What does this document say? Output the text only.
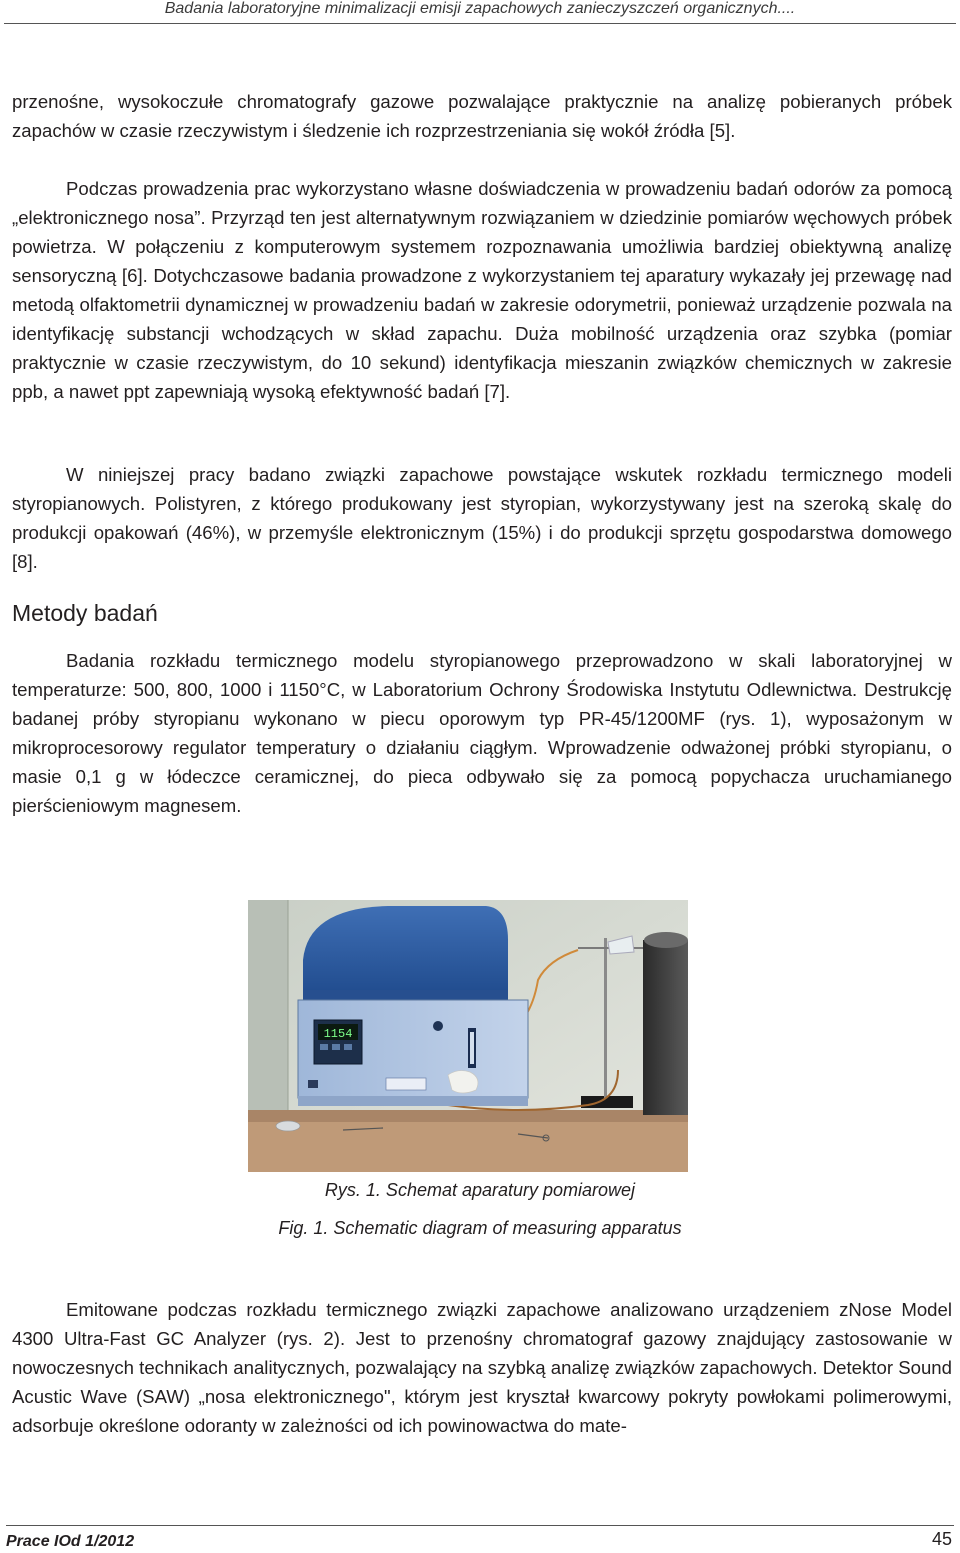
Badania laboratoryjne minimalizacji emisji zapachowych zanieczyszczeń organicznych....

przenośne, wysokoczułe chromatografy gazowe pozwalające praktycznie na analizę pobieranych próbek zapachów w czasie rzeczywistym i śledzenie ich rozprzestrzeniania się wokół źródła [5].

Podczas prowadzenia prac wykorzystano własne doświadczenia w prowadzeniu badań odorów za pomocą „elektronicznego nosa”. Przyrząd ten jest alternatywnym rozwiązaniem w dziedzinie pomiarów węchowych próbek powietrza. W połączeniu z komputerowym systemem rozpoznawania umożliwia bardziej obiektywną analizę sensoryczną [6]. Dotychczasowe badania prowadzone z wykorzystaniem tej aparatury wykazały jej przewagę nad metodą olfaktometrii dynamicznej w prowadzeniu badań w zakresie odorymetrii, ponieważ urządzenie pozwala na identyfikację substancji wchodzących w skład zapachu. Duża mobilność urządzenia oraz szybka (pomiar praktycznie w czasie rzeczywistym, do 10 sekund) identyfikacja mieszanin związków chemicznych w zakresie ppb, a nawet ppt zapewniają wysoką efektywność badań [7].

W niniejszej pracy badano związki zapachowe powstające wskutek rozkładu termicznego modeli styropianowych. Polistyren, z którego produkowany jest styropian, wykorzystywany jest na szeroką skalę do produkcji opakowań (46%), w przemyśle elektronicznym (15%) i do produkcji sprzętu gospodarstwa domowego [8].

Metody badań

Badania rozkładu termicznego modelu styropianowego przeprowadzono w skali laboratoryjnej w temperaturze: 500, 800, 1000 i 1150°C, w Laboratorium Ochrony Środowiska Instytutu Odlewnictwa. Destrukcję badanej próby styropianu wykonano w piecu oporowym typ PR-45/1200MF (rys. 1), wyposażonym w mikroprocesorowy regulator temperatury o działaniu ciągłym. Wprowadzenie odważonej próbki styropianu, o masie 0,1 g w łódeczce ceramicznej, do pieca odbywało się za pomocą popychacza uruchamianego pierścieniowym magnesem.

1154

Rys. 1. Schemat aparatury pomiarowej

Fig. 1. Schematic diagram of measuring apparatus

Emitowane podczas rozkładu termicznego związki zapachowe analizowano urządzeniem zNose Model 4300 Ultra-Fast GC Analyzer (rys. 2). Jest to przenośny chromatograf gazowy znajdujący zastosowanie w nowoczesnych technikach analitycznych, pozwalający na szybką analizę związków zapachowych. Detektor Sound Acustic Wave (SAW) „nosa elektronicznego", którym jest kryształ kwarcowy pokryty powłokami polimerowymi, adsorbuje określone odoranty w zależności od ich powinowactwa do mate-

Prace IOd 1/2012	45
